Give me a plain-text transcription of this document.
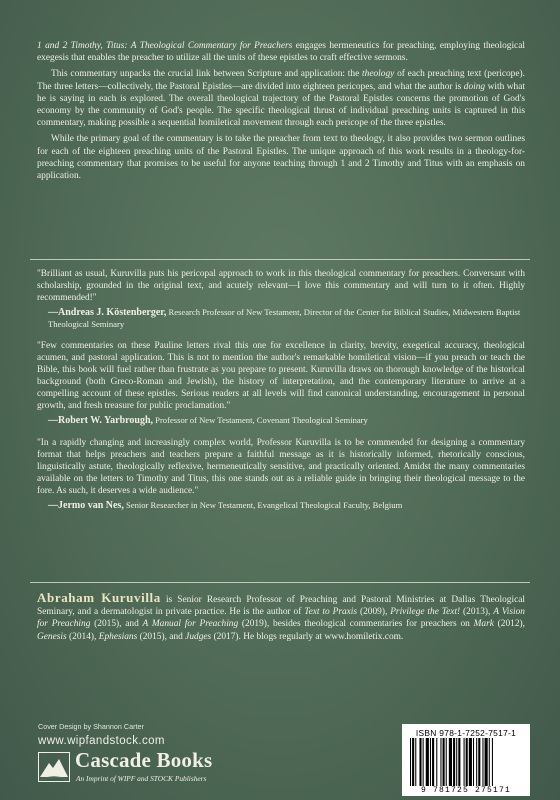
1 and 2 Timothy, Titus: A Theological Commentary for Preachers engages hermeneutics for preaching, employing theological exegesis that enables the preacher to utilize all the units of these epistles to craft effective sermons.

This commentary unpacks the crucial link between Scripture and application: the theology of each preaching text (pericope). The three letters—collectively, the Pastoral Epistles—are divided into eighteen pericopes, and what the author is doing with what he is saying in each is explored. The overall theological trajectory of the Pastoral Epistles concerns the promotion of God's economy by the community of God's people. The specific theological thrust of individual preaching units is captured in this commentary, making possible a sequential homiletical movement through each pericope of the three epistles.

While the primary goal of the commentary is to take the preacher from text to theology, it also provides two sermon outlines for each of the eighteen preaching units of the Pastoral Epistles. The unique approach of this work results in a theology-for-preaching commentary that promises to be useful for anyone teaching through 1 and 2 Timothy and Titus with an emphasis on application.

"Brilliant as usual, Kuruvilla puts his pericopal approach to work in this theological commentary for preachers. Conversant with scholarship, grounded in the original text, and acutely relevant—I love this commentary and will turn to it often. Highly recommended!"

—Andreas J. Köstenberger, Research Professor of New Testament, Director of the Center for Biblical Studies, Midwestern Baptist Theological Seminary

"Few commentaries on these Pauline letters rival this one for excellence in clarity, brevity, exegetical accuracy, theological acumen, and pastoral application. This is not to mention the author's remarkable homiletical vision—if you preach or teach the Bible, this book will fuel rather than frustrate as you prepare to present. Kuruvilla draws on thorough knowledge of the historical background (both Greco-Roman and Jewish), the history of interpretation, and the contemporary literature to arrive at a compelling account of these epistles. Serious readers at all levels will find canonical understanding, encouragement in personal growth, and fresh treasure for public proclamation."

—Robert W. Yarbrough, Professor of New Testament, Covenant Theological Seminary

"In a rapidly changing and increasingly complex world, Professor Kuruvilla is to be commended for designing a commentary format that helps preachers and teachers prepare a faithful message as it is historically informed, rhetorically conscious, linguistically astute, theologically reflexive, hermeneutically sensitive, and practically oriented. Amidst the many commentaries available on the letters to Timothy and Titus, this one stands out as a reliable guide in bringing their theological message to the fore. As such, it deserves a wide audience."

—Jermo van Nes, Senior Researcher in New Testament, Evangelical Theological Faculty, Belgium
Abraham Kuruvilla is Senior Research Professor of Preaching and Pastoral Ministries at Dallas Theological Seminary, and a dermatologist in private practice. He is the author of Text to Praxis (2009), Privilege the Text! (2013), A Vision for Preaching (2015), and A Manual for Preaching (2019), besides theological commentaries for preachers on Mark (2012), Genesis (2014), Ephesians (2015), and Judges (2017). He blogs regularly at www.homiletix.com.
Cover Design by Shannon Carter
www.wipfandstock.com
Cascade Books
An Imprint of WIPF and STOCK Publishers
ISBN 978-1-7252-7517-1
9 781725 275171
